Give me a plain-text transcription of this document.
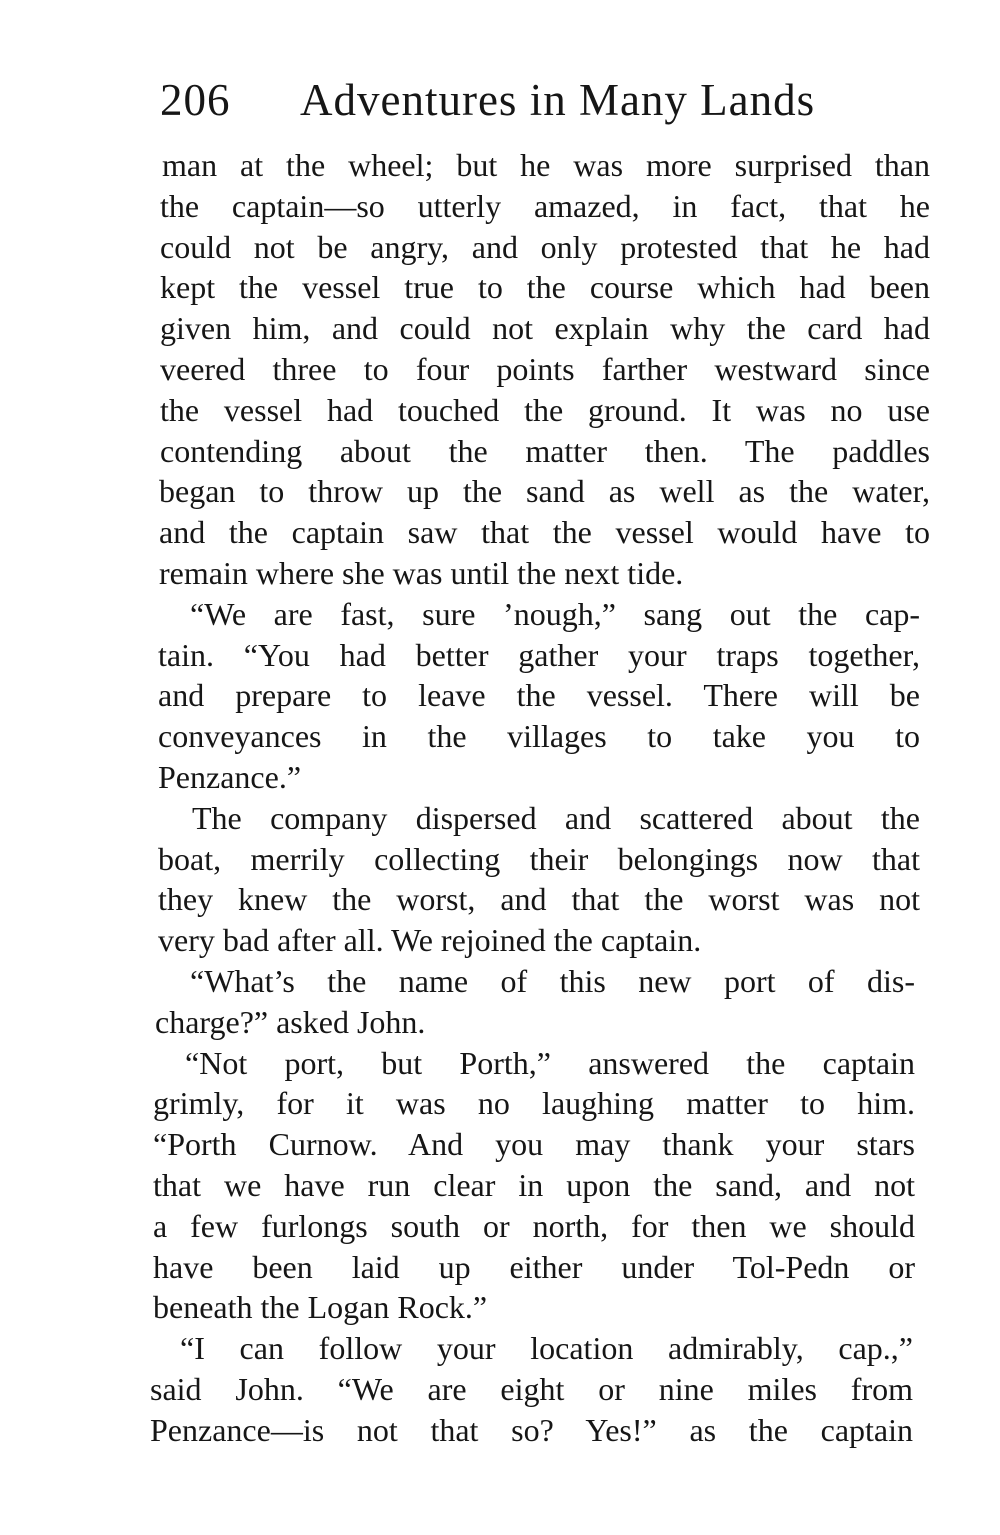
206 Adventures in Many Lands
man at the wheel; but he was more surprised than
the captain—so utterly amazed, in fact, that he
could not be angry, and only protested that he had
kept the vessel true to the course which had been
given him, and could not explain why the card had
veered three to four points farther westward since
the vessel had touched the ground. It was no use
contending about the matter then. The paddles
began to throw up the sand as well as the water,
and the captain saw that the vessel would have to
remain where she was until the next tide.
“We are fast, sure ’nough,” sang out the cap-
tain. “You had better gather your traps together,
and prepare to leave the vessel. There will be
conveyances in the villages to take you to
Penzance.”
The company dispersed and scattered about the
boat, merrily collecting their belongings now that
they knew the worst, and that the worst was not
very bad after all. We rejoined the captain.
“What’s the name of this new port of dis-
charge?” asked John.
“Not port, but Porth,” answered the captain
grimly, for it was no laughing matter to him.
“Porth Curnow. And you may thank your stars
that we have run clear in upon the sand, and not
a few furlongs south or north, for then we should
have been laid up either under Tol-Pedn or
beneath the Logan Rock.”
“I can follow your location admirably, cap.,”
said John. “We are eight or nine miles from
Penzance—is not that so? Yes!” as the captain
